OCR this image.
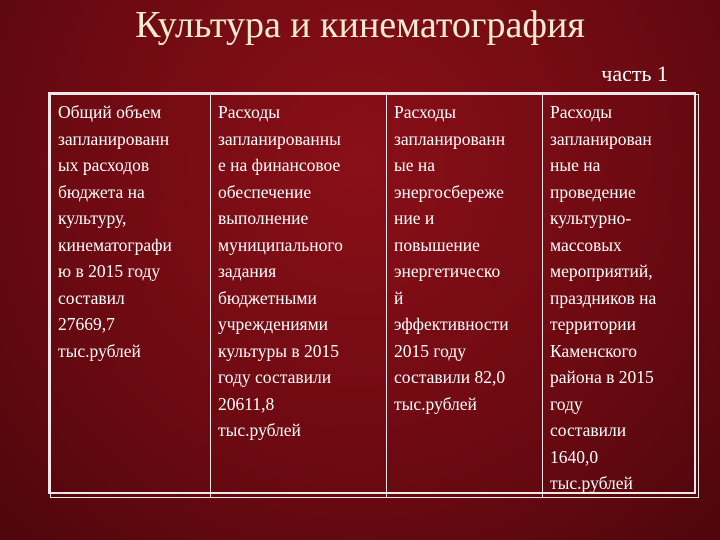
Культура и кинематография
часть 1
Общий объем
запланированн
ых расходов
бюджета на
культуру,
кинематографи
ю в 2015 году
составил
27669,7
тыс.рублей	Расходы
запланированны
е на финансовое
обеспечение
выполнение
муниципального
задания
бюджетными
учреждениями
культуры в 2015
году составили
20611,8
тыс.рублей	Расходы
запланированн
ые на
энергосбереже
ние и
повышение
энергетическо
й
эффективности
2015 году
составили 82,0
тыс.рублей	Расходы
запланирован
ные на
проведение
культурно-
массовых
мероприятий,
праздников на
территории
Каменского
района в 2015
году
составили
1640,0
тыс.рублей
